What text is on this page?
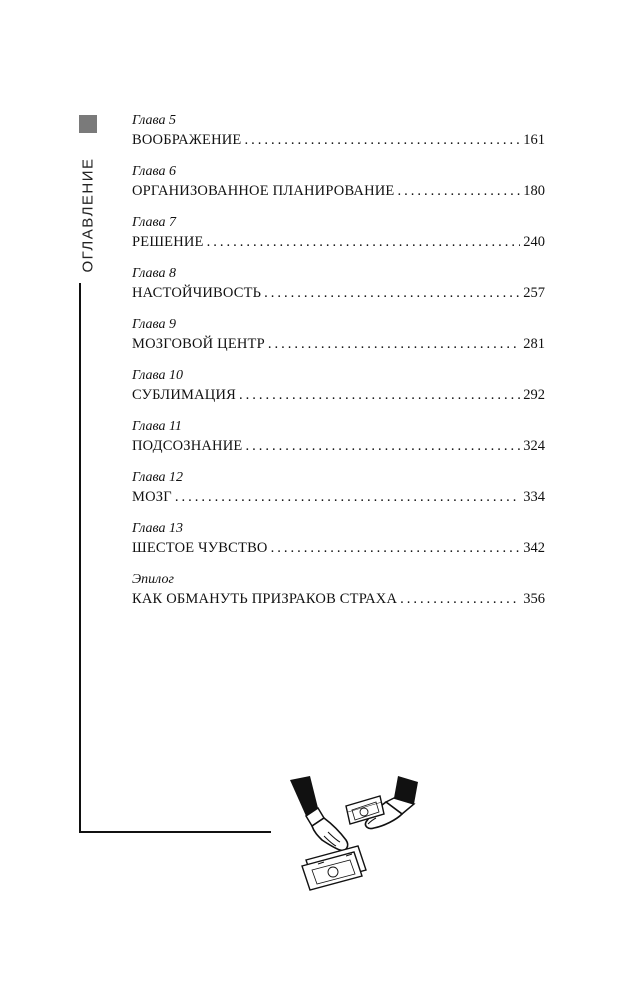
ОГЛАВЛЕНИЕ
Глава 5
ВООБРАЖЕНИЕ .....	161
Глава 6
ОРГАНИЗОВАННОЕ ПЛАНИРОВАНИЕ .....	180
Глава 7
РЕШЕНИЕ .....	240
Глава 8
НАСТОЙЧИВОСТЬ .....	257
Глава 9
МОЗГОВОЙ ЦЕНТР .....	281
Глава 10
СУБЛИМАЦИЯ .....	292
Глава 11
ПОДСОЗНАНИЕ .....	324
Глава 12
МОЗГ .....	334
Глава 13
ШЕСТОЕ ЧУВСТВО .....	342
Эпилог
КАК ОБМАНУТЬ ПРИЗРАКОВ СТРАХА .....	356
